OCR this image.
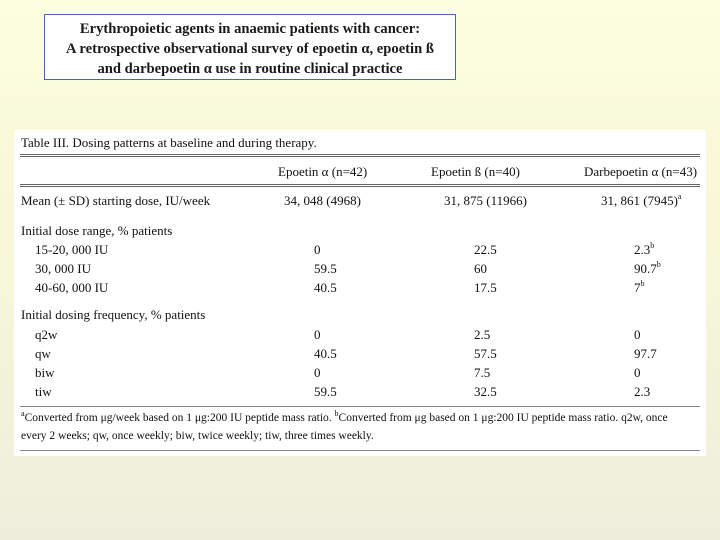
Erythropoietic agents in anaemic patients with cancer:
A retrospective observational survey of epoetin α, epoetin ß
and darbepoetin α use in routine clinical practice
Table III. Dosing patterns at baseline and during therapy.
Epoetin α (n=42)	Epoetin ß (n=40)	Darbepoetin α (n=43)
Mean (± SD) starting dose, IU/week	34, 048 (4968)	31, 875 (11966)	31, 861 $(7945)^a$
Initial dose range, % patients
15-20, 000 IU	0	22.5	2.3$^b$
30, 000 IU	59.5	60	90.7$^b$
40-60, 000 IU	40.5	17.5	7$^b$
Initial dosing frequency, % patients
q2w	0	2.5	0
qw	40.5	57.5	97.7
biw	0	7.5	0
tiw	59.5	32.5	2.3
$^a$Converted from μg/week based on 1 μg:200 IU peptide mass ratio. $^b$Converted from μg based on 1 μg:200 IU peptide mass ratio. q2w, once
every 2 weeks; qw, once weekly; biw, twice weekly; tiw, three times weekly.
